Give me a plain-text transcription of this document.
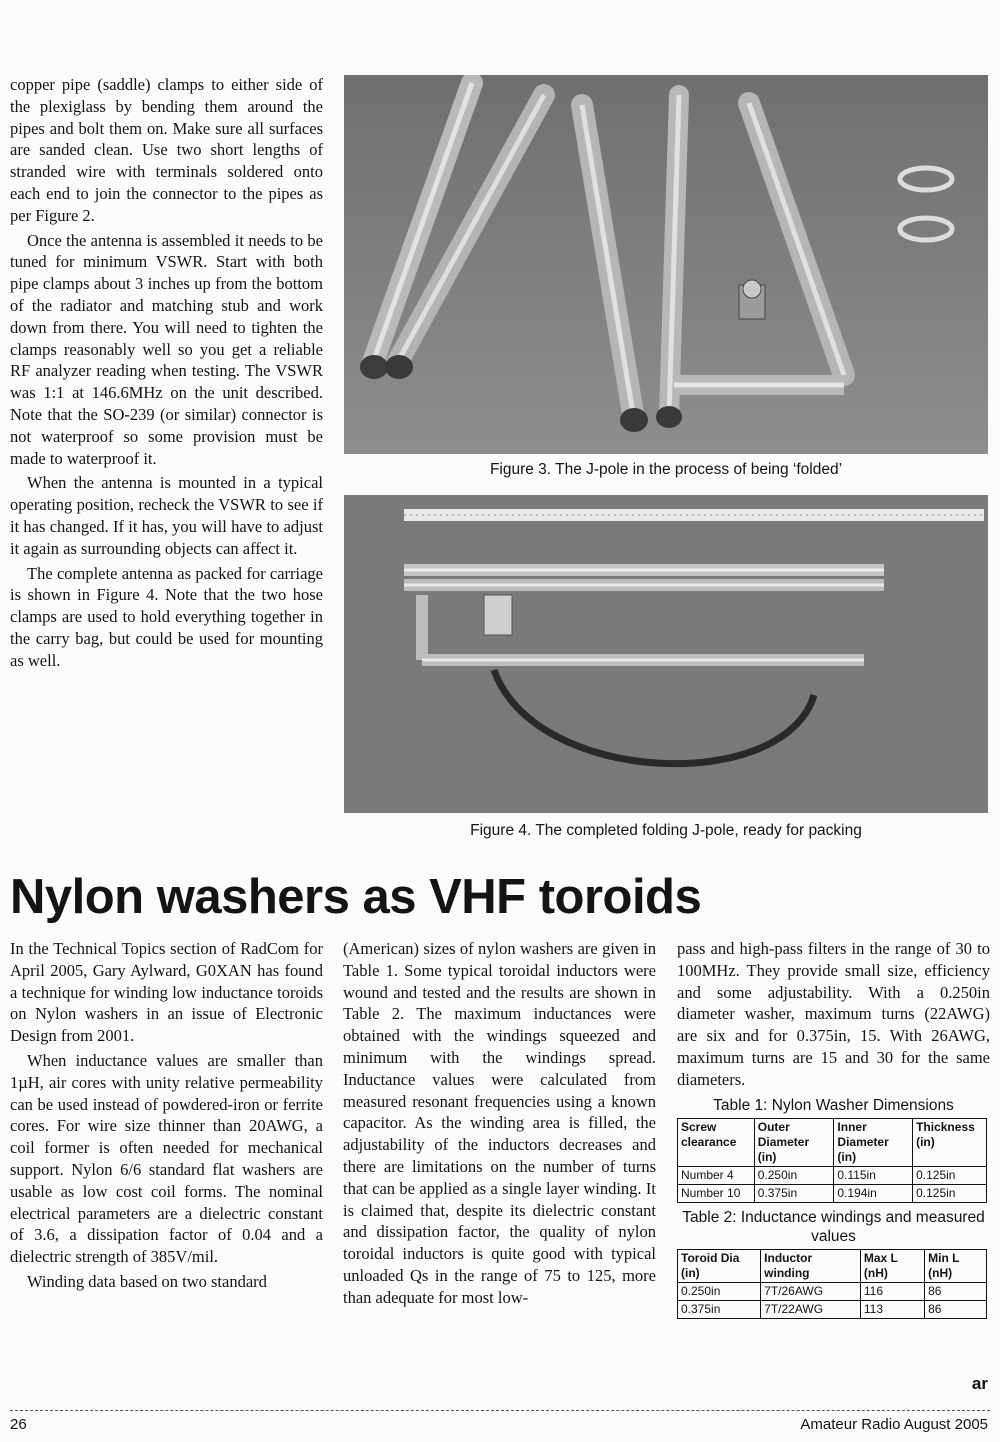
copper pipe (saddle) clamps to either side of the plexiglass by bending them around the pipes and bolt them on. Make sure all surfaces are sanded clean. Use two short lengths of stranded wire with terminals soldered onto each end to join the connector to the pipes as per Figure 2.

Once the antenna is assembled it needs to be tuned for minimum VSWR. Start with both pipe clamps about 3 inches up from the bottom of the radiator and matching stub and work down from there. You will need to tighten the clamps reasonably well so you get a reliable RF analyzer reading when testing. The VSWR was 1:1 at 146.6MHz on the unit described. Note that the SO-239 (or similar) connector is not waterproof so some provision must be made to waterproof it.

When the antenna is mounted in a typical operating position, recheck the VSWR to see if it has changed. If it has, you will have to adjust it again as surrounding objects can affect it.

The complete antenna as packed for carriage is shown in Figure 4. Note that the two hose clamps are used to hold everything together in the carry bag, but could be used for mounting as well.

Figure 3. The J-pole in the process of being ‘folded’
Figure 4. The completed folding J-pole, ready for packing
Nylon washers as VHF toroids

In the Technical Topics section of RadCom for April 2005, Gary Aylward, G0XAN has found a technique for winding low inductance toroids on Nylon washers in an issue of Electronic Design from 2001.

When inductance values are smaller than 1µH, air cores with unity relative permeability can be used instead of powdered-iron or ferrite cores. For wire size thinner than 20AWG, a coil former is often needed for mechanical support. Nylon 6/6 standard flat washers are usable as low cost coil forms. The nominal electrical parameters are a dielectric constant of 3.6, a dissipation factor of 0.04 and a dielectric strength of 385V/mil.

Winding data based on two standard

(American) sizes of nylon washers are given in Table 1. Some typical toroidal inductors were wound and tested and the results are shown in Table 2. The maximum inductances were obtained with the windings squeezed and minimum with the windings spread. Inductance values were calculated from measured resonant frequencies using a known capacitor. As the winding area is filled, the adjustability of the inductors decreases and there are limitations on the number of turns that can be applied as a single layer winding. It is claimed that, despite its dielectric constant and dissipation factor, the quality of nylon toroidal inductors is quite good with typical unloaded Qs in the range of 75 to 125, more than adequate for most low-

pass and high-pass filters in the range of 30 to 100MHz. They provide small size, efficiency and some adjustability. With a 0.250in diameter washer, maximum turns (22AWG) are six and for 0.375in, 15. With 26AWG, maximum turns are 15 and 30 for the same diameters.

Table 1: Nylon Washer Dimensions
Screw clearance	Outer Diameter (in)	Inner Diameter (in)	Thickness (in)
Number 4	0.250in	0.115in	0.125in
Number 10	0.375in	0.194in	0.125in
Table 2: Inductance windings and measured values
Toroid Dia (in)	Inductor winding	Max L (nH)	Min L (nH)
0.250in	7T/26AWG	116	86
0.375in	7T/22AWG	113	86
ar
26	Amateur Radio August 2005
